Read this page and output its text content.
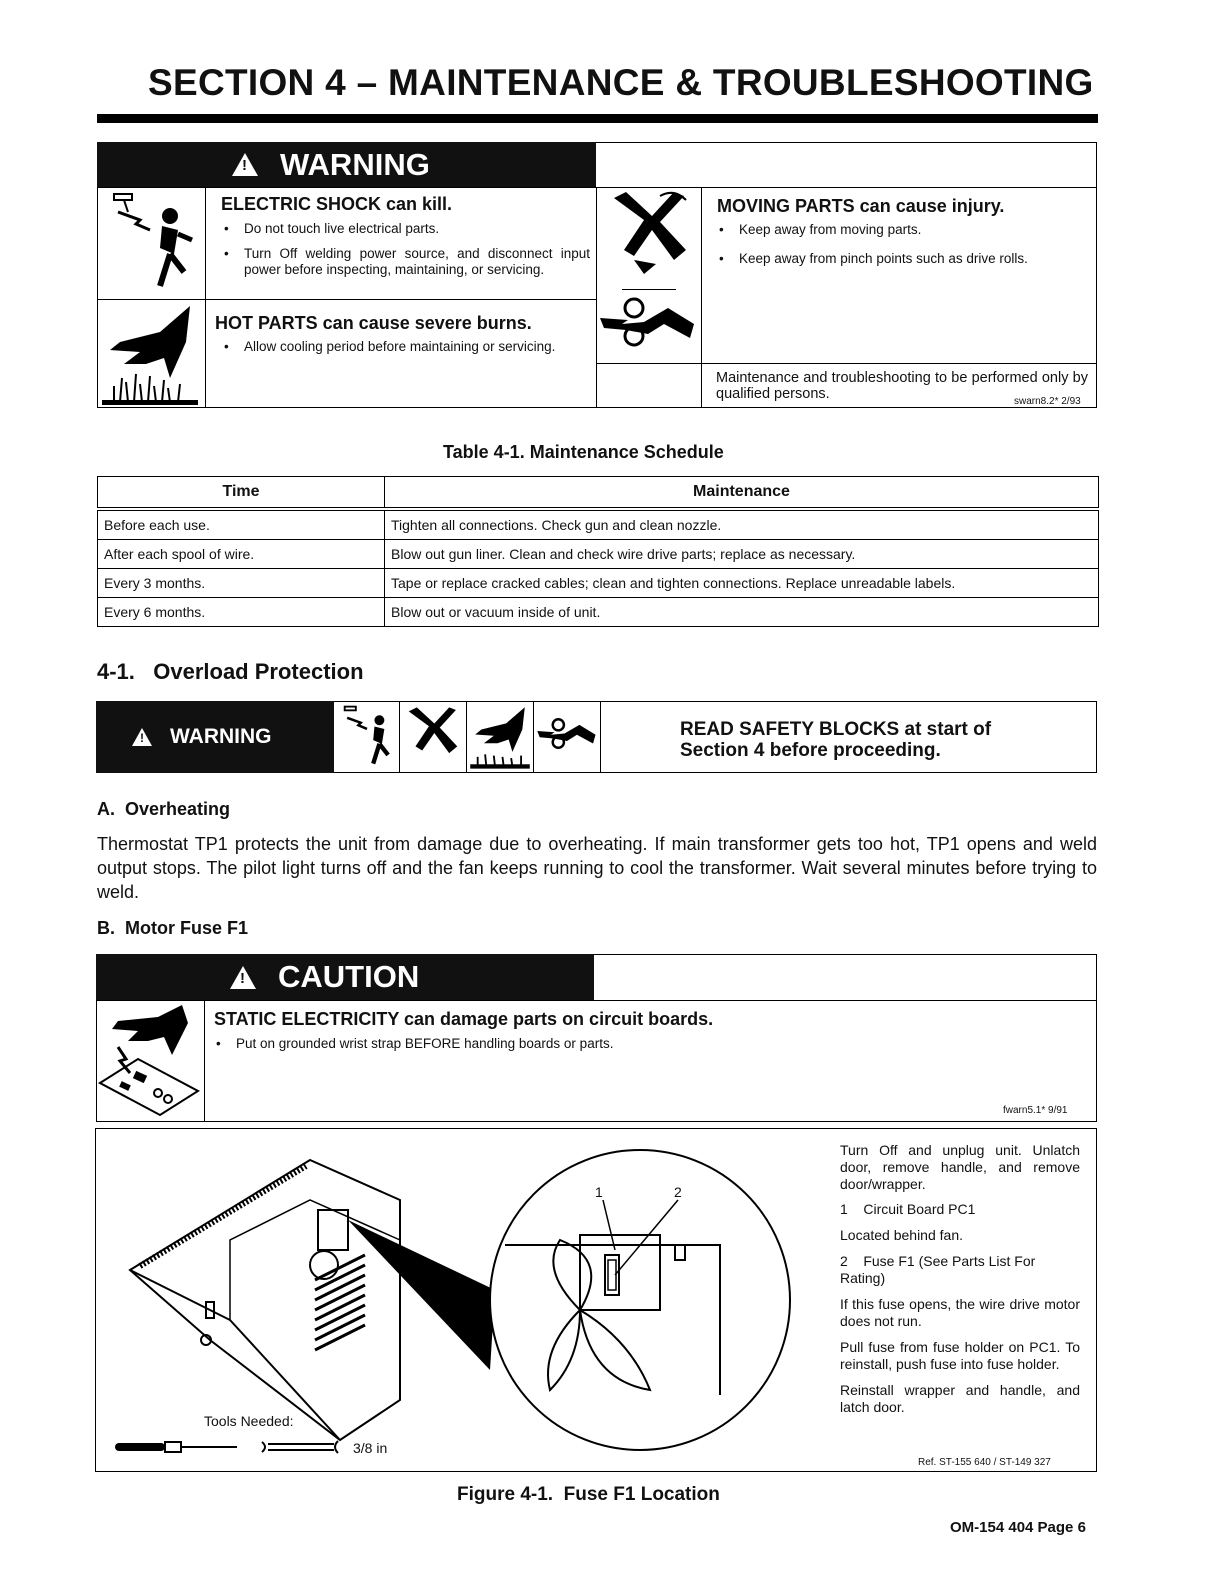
SECTION 4 – MAINTENANCE & TROUBLESHOOTING
!
WARNING
ELECTRIC SHOCK can kill.
•	Do not touch live electrical parts.
•	Turn Off welding power source, and disconnect input power before inspecting, maintaining, or servicing.
HOT PARTS can cause severe burns.
•	Allow cooling period before maintaining or servicing.
MOVING PARTS can cause injury.
•	Keep away from moving parts.
•	Keep away from pinch points such as drive rolls.
Maintenance and troubleshooting to be performed only by qualified persons.	swarn8.2* 2/93
Table 4-1. Maintenance Schedule
Time	Maintenance
Before each use.	Tighten all connections. Check gun and clean nozzle.
After each spool of wire.	Blow out gun liner. Clean and check wire drive parts; replace as necessary.
Every 3 months.	Tape or replace cracked cables; clean and tighten connections. Replace unreadable labels.
Every 6 months.	Blow out or vacuum inside of unit.
4-1.   Overload Protection
!
WARNING	READ SAFETY BLOCKS at start of Section 4 before proceeding.
A.  Overheating
Thermostat TP1 protects the unit from damage due to overheating. If main transformer gets too hot, TP1 opens and weld output stops. The pilot light turns off and the fan keeps running to cool the transformer. Wait several minutes before trying to weld.
B.  Motor Fuse F1
!
CAUTION
STATIC ELECTRICITY can damage parts on circuit boards.
•	Put on grounded wrist strap BEFORE handling boards or parts.
fwarn5.1* 9/91
1	2
Tools Needed:
3/8 in
Turn Off and unplug unit. Unlatch door, remove handle, and remove door/wrapper.
1    Circuit Board PC1
Located behind fan.
2    Fuse F1 (See Parts List For Rating)
If this fuse opens, the wire drive motor does not run.
Pull fuse from fuse holder on PC1. To reinstall, push fuse into fuse holder.
Reinstall wrapper and handle, and latch door.
Ref. ST-155 640 / ST-149 327
Figure 4-1.  Fuse F1 Location
OM-154 404 Page 6
